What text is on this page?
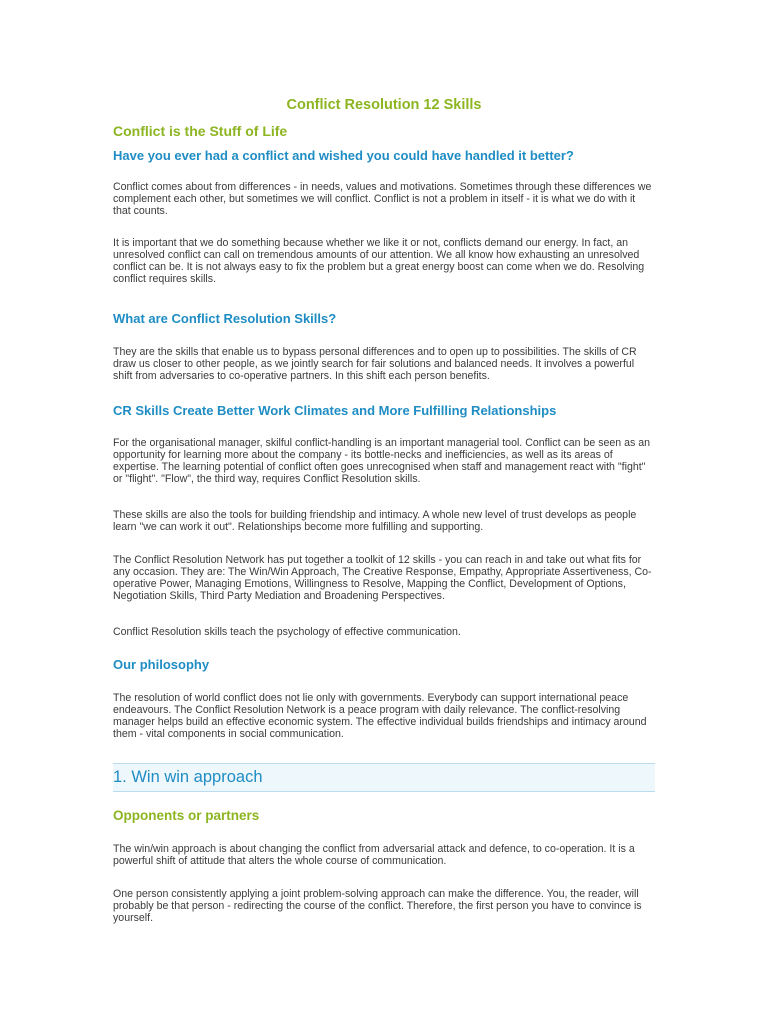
Conflict Resolution 12 Skills
Conflict is the Stuff of Life
Have you ever had a conflict and wished you could have handled it better?

Conflict comes about from differences - in needs, values and motivations. Sometimes through these differences we complement each other, but sometimes we will conflict. Conflict is not a problem in itself - it is what we do with it that counts.

It is important that we do something because whether we like it or not, conflicts demand our energy. In fact, an unresolved conflict can call on tremendous amounts of our attention. We all know how exhausting an unresolved conflict can be. It is not always easy to fix the problem but a great energy boost can come when we do. Resolving conflict requires skills.

What are Conflict Resolution Skills?

They are the skills that enable us to bypass personal differences and to open up to possibilities. The skills of CR draw us closer to other people, as we jointly search for fair solutions and balanced needs. It involves a powerful shift from adversaries to co-operative partners. In this shift each person benefits.

CR Skills Create Better Work Climates and More Fulfilling Relationships

For the organisational manager, skilful conflict-handling is an important managerial tool. Conflict can be seen as an opportunity for learning more about the company - its bottle-necks and inefficiencies, as well as its areas of expertise. The learning potential of conflict often goes unrecognised when staff and management react with "fight" or "flight". "Flow", the third way, requires Conflict Resolution skills.

These skills are also the tools for building friendship and intimacy. A whole new level of trust develops as people learn "we can work it out". Relationships become more fulfilling and supporting.

The Conflict Resolution Network has put together a toolkit of 12 skills - you can reach in and take out what fits for any occasion. They are: The Win/Win Approach, The Creative Response, Empathy, Appropriate Assertiveness, Co-operative Power, Managing Emotions, Willingness to Resolve, Mapping the Conflict, Development of Options, Negotiation Skills, Third Party Mediation and Broadening Perspectives.

Conflict Resolution skills teach the psychology of effective communication.

Our philosophy

The resolution of world conflict does not lie only with governments. Everybody can support international peace endeavours. The Conflict Resolution Network is a peace program with daily relevance. The conflict-resolving manager helps build an effective economic system. The effective individual builds friendships and intimacy around them - vital components in social communication.

1. Win win approach
Opponents or partners

The win/win approach is about changing the conflict from adversarial attack and defence, to co-operation. It is a powerful shift of attitude that alters the whole course of communication.

One person consistently applying a joint problem-solving approach can make the difference. You, the reader, will probably be that person - redirecting the course of the conflict. Therefore, the first person you have to convince is yourself.
